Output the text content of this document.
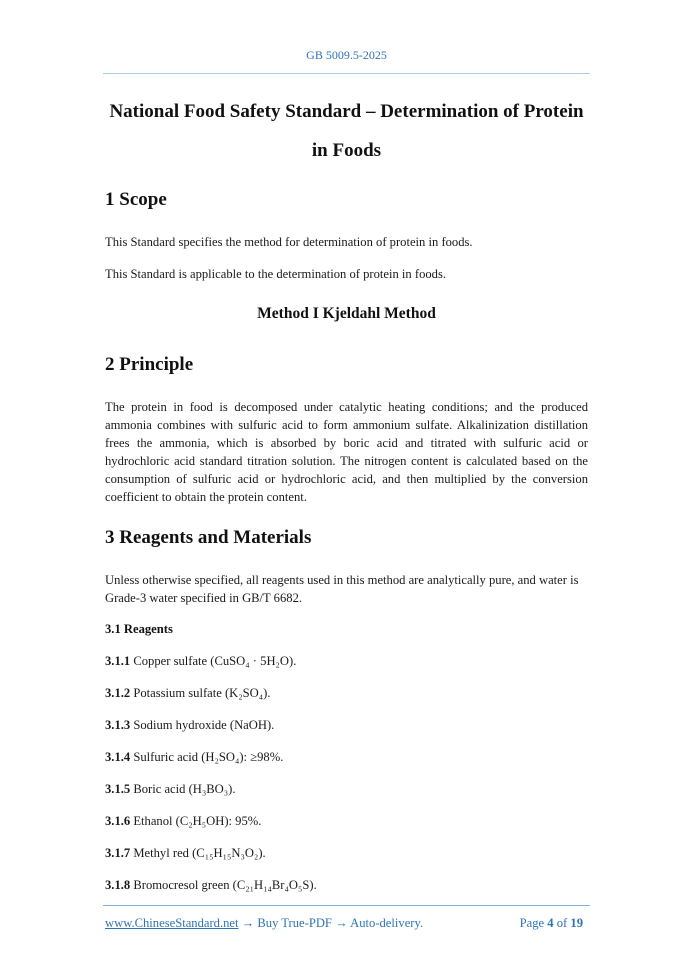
GB 5009.5-2025
National Food Safety Standard – Determination of Protein
in Foods
1 Scope
This Standard specifies the method for determination of protein in foods.
This Standard is applicable to the determination of protein in foods.
Method I Kjeldahl Method
2 Principle
The protein in food is decomposed under catalytic heating conditions; and the produced ammonia combines with sulfuric acid to form ammonium sulfate. Alkalinization distillation frees the ammonia, which is absorbed by boric acid and titrated with sulfuric acid or hydrochloric acid standard titration solution. The nitrogen content is calculated based on the consumption of sulfuric acid or hydrochloric acid, and then multiplied by the conversion coefficient to obtain the protein content.
3 Reagents and Materials
Unless otherwise specified, all reagents used in this method are analytically pure, and water is Grade-3 water specified in GB/T 6682.
3.1 Reagents
3.1.1 Copper sulfate (CuSO₄ · 5H₂O).
3.1.2 Potassium sulfate (K₂SO₄).
3.1.3 Sodium hydroxide (NaOH).
3.1.4 Sulfuric acid (H₂SO₄): ≥98%.
3.1.5 Boric acid (H₃BO₃).
3.1.6 Ethanol (C₂H₅OH): 95%.
3.1.7 Methyl red (C₁₅H₁₅N₃O₂).
3.1.8 Bromocresol green (C₂₁H₁₄Br₄O₅S).
www.ChineseStandard.net → Buy True-PDF → Auto-delivery.	Page 4 of 19
